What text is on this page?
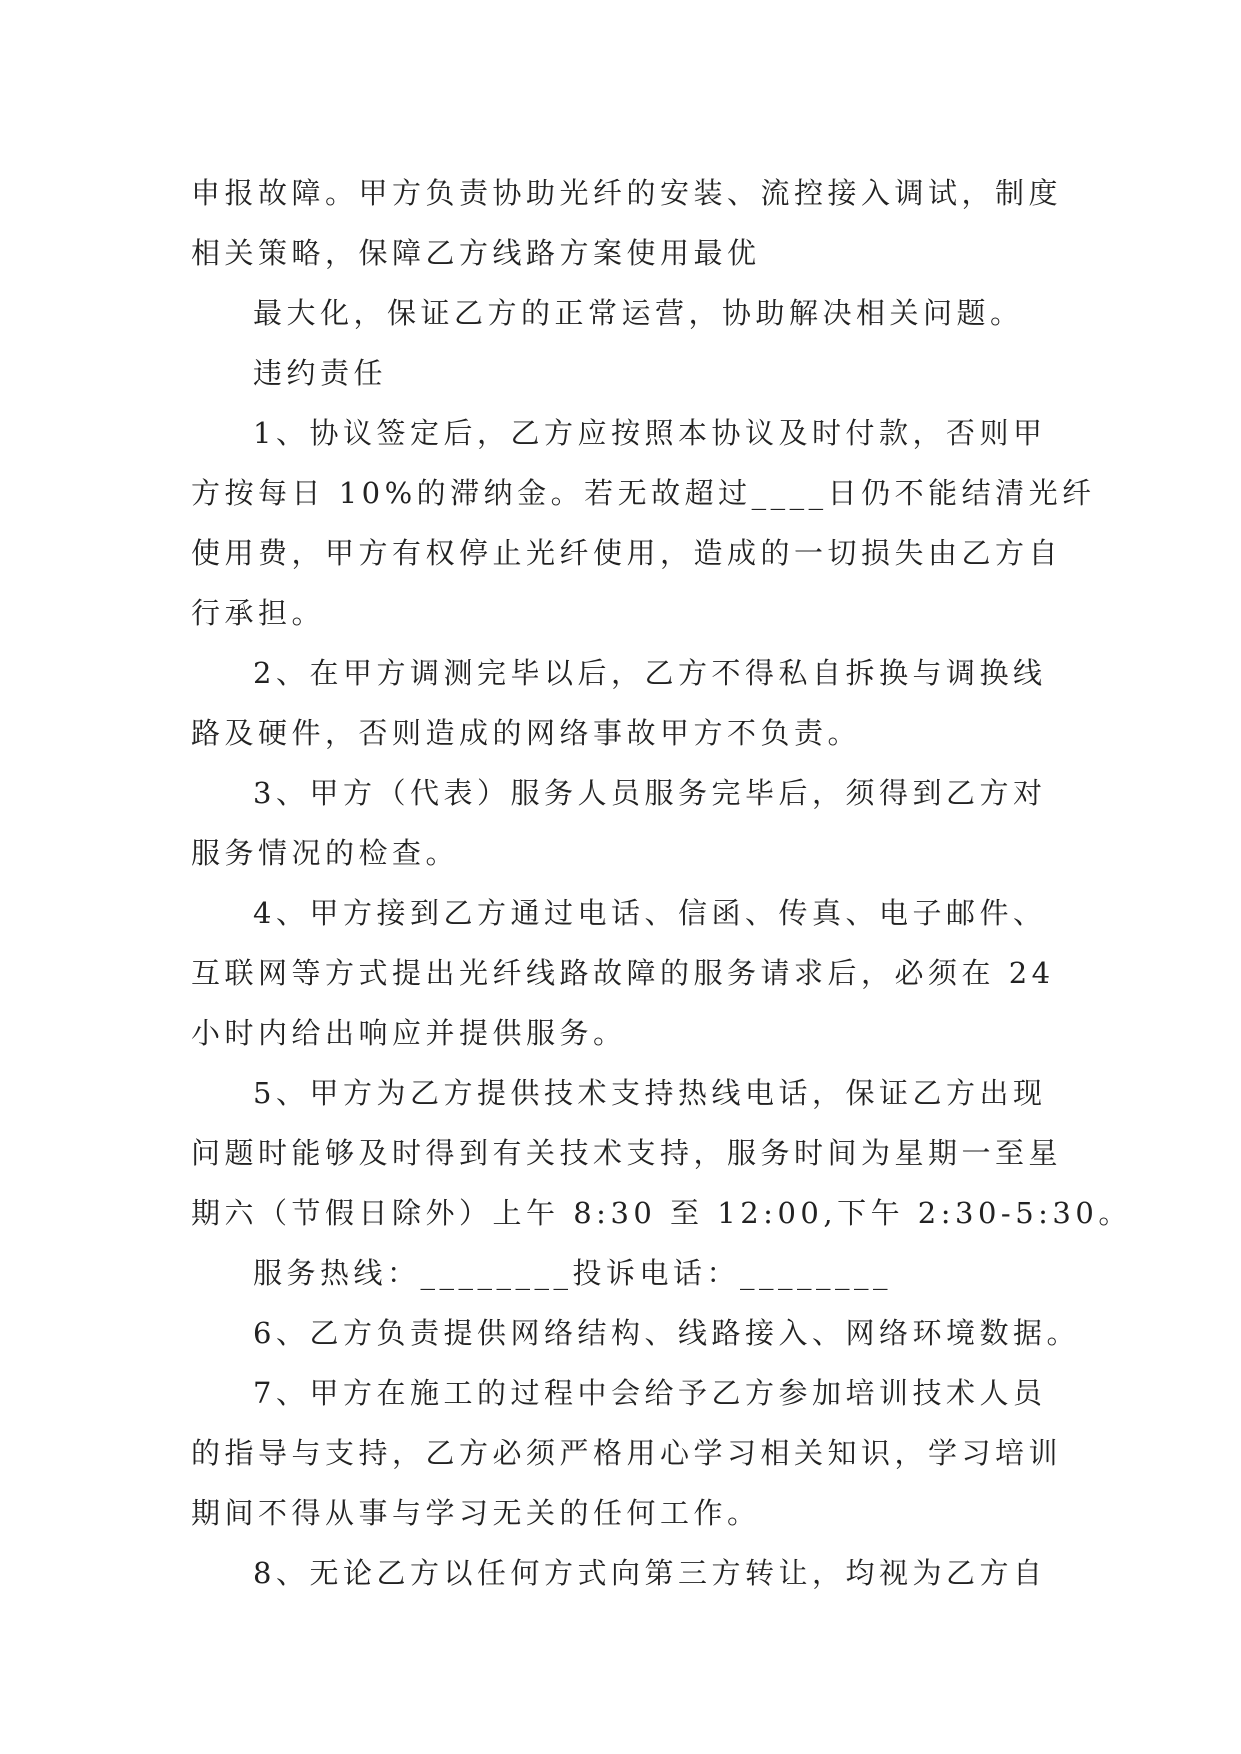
申报故障。甲方负责协助光纤的安装、流控接入调试，制度
相关策略，保障乙方线路方案使用最优
最大化，保证乙方的正常运营，协助解决相关问题。
违约责任
1、协议签定后，乙方应按照本协议及时付款，否则甲
方按每日 10%的滞纳金。若无故超过____日仍不能结清光纤
使用费，甲方有权停止光纤使用，造成的一切损失由乙方自
行承担。
2、在甲方调测完毕以后，乙方不得私自拆换与调换线
路及硬件，否则造成的网络事故甲方不负责。
3、甲方（代表）服务人员服务完毕后，须得到乙方对
服务情况的检查。
4、甲方接到乙方通过电话、信函、传真、电子邮件、
互联网等方式提出光纤线路故障的服务请求后，必须在 24
小时内给出响应并提供服务。
5、甲方为乙方提供技术支持热线电话，保证乙方出现
问题时能够及时得到有关技术支持，服务时间为星期一至星
期六（节假日除外）上午 8:30 至 12:00,下午 2:30-5:30。
服务热线：________投诉电话：________
6、乙方负责提供网络结构、线路接入、网络环境数据。
7、甲方在施工的过程中会给予乙方参加培训技术人员
的指导与支持，乙方必须严格用心学习相关知识，学习培训
期间不得从事与学习无关的任何工作。
8、无论乙方以任何方式向第三方转让，均视为乙方自
